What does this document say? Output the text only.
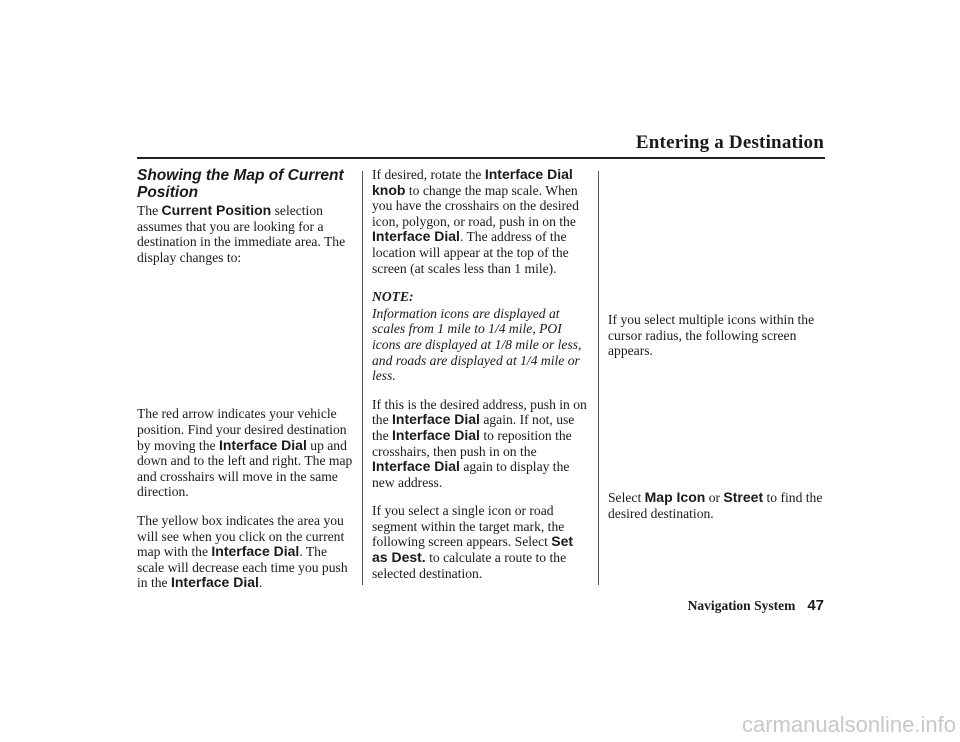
Entering a Destination
Showing the Map of Current Position

The Current Position selection assumes that you are looking for a destination in the immediate area. The display changes to:

The red arrow indicates your vehicle position. Find your desired destination by moving the Interface Dial up and down and to the left and right. The map and crosshairs will move in the same direction.

The yellow box indicates the area you will see when you click on the current map with the Interface Dial. The scale will decrease each time you push in the Interface Dial.

If desired, rotate the Interface Dial knob to change the map scale. When you have the crosshairs on the desired icon, polygon, or road, push in on the Interface Dial. The address of the location will appear at the top of the screen (at scales less than 1 mile).

NOTE:

Information icons are displayed at scales from 1 mile to 1/4 mile, POI icons are displayed at 1/8 mile or less, and roads are displayed at 1/4 mile or less.

If this is the desired address, push in on the Interface Dial again. If not, use the Interface Dial to reposition the crosshairs, then push in on the Interface Dial again to display the new address.

If you select a single icon or road segment within the target mark, the following screen appears. Select Set as Dest. to calculate a route to the selected destination.

If you select multiple icons within the cursor radius, the following screen appears.

Select Map Icon or Street to find the desired destination.

Navigation System 47
carmanualsonline.info
